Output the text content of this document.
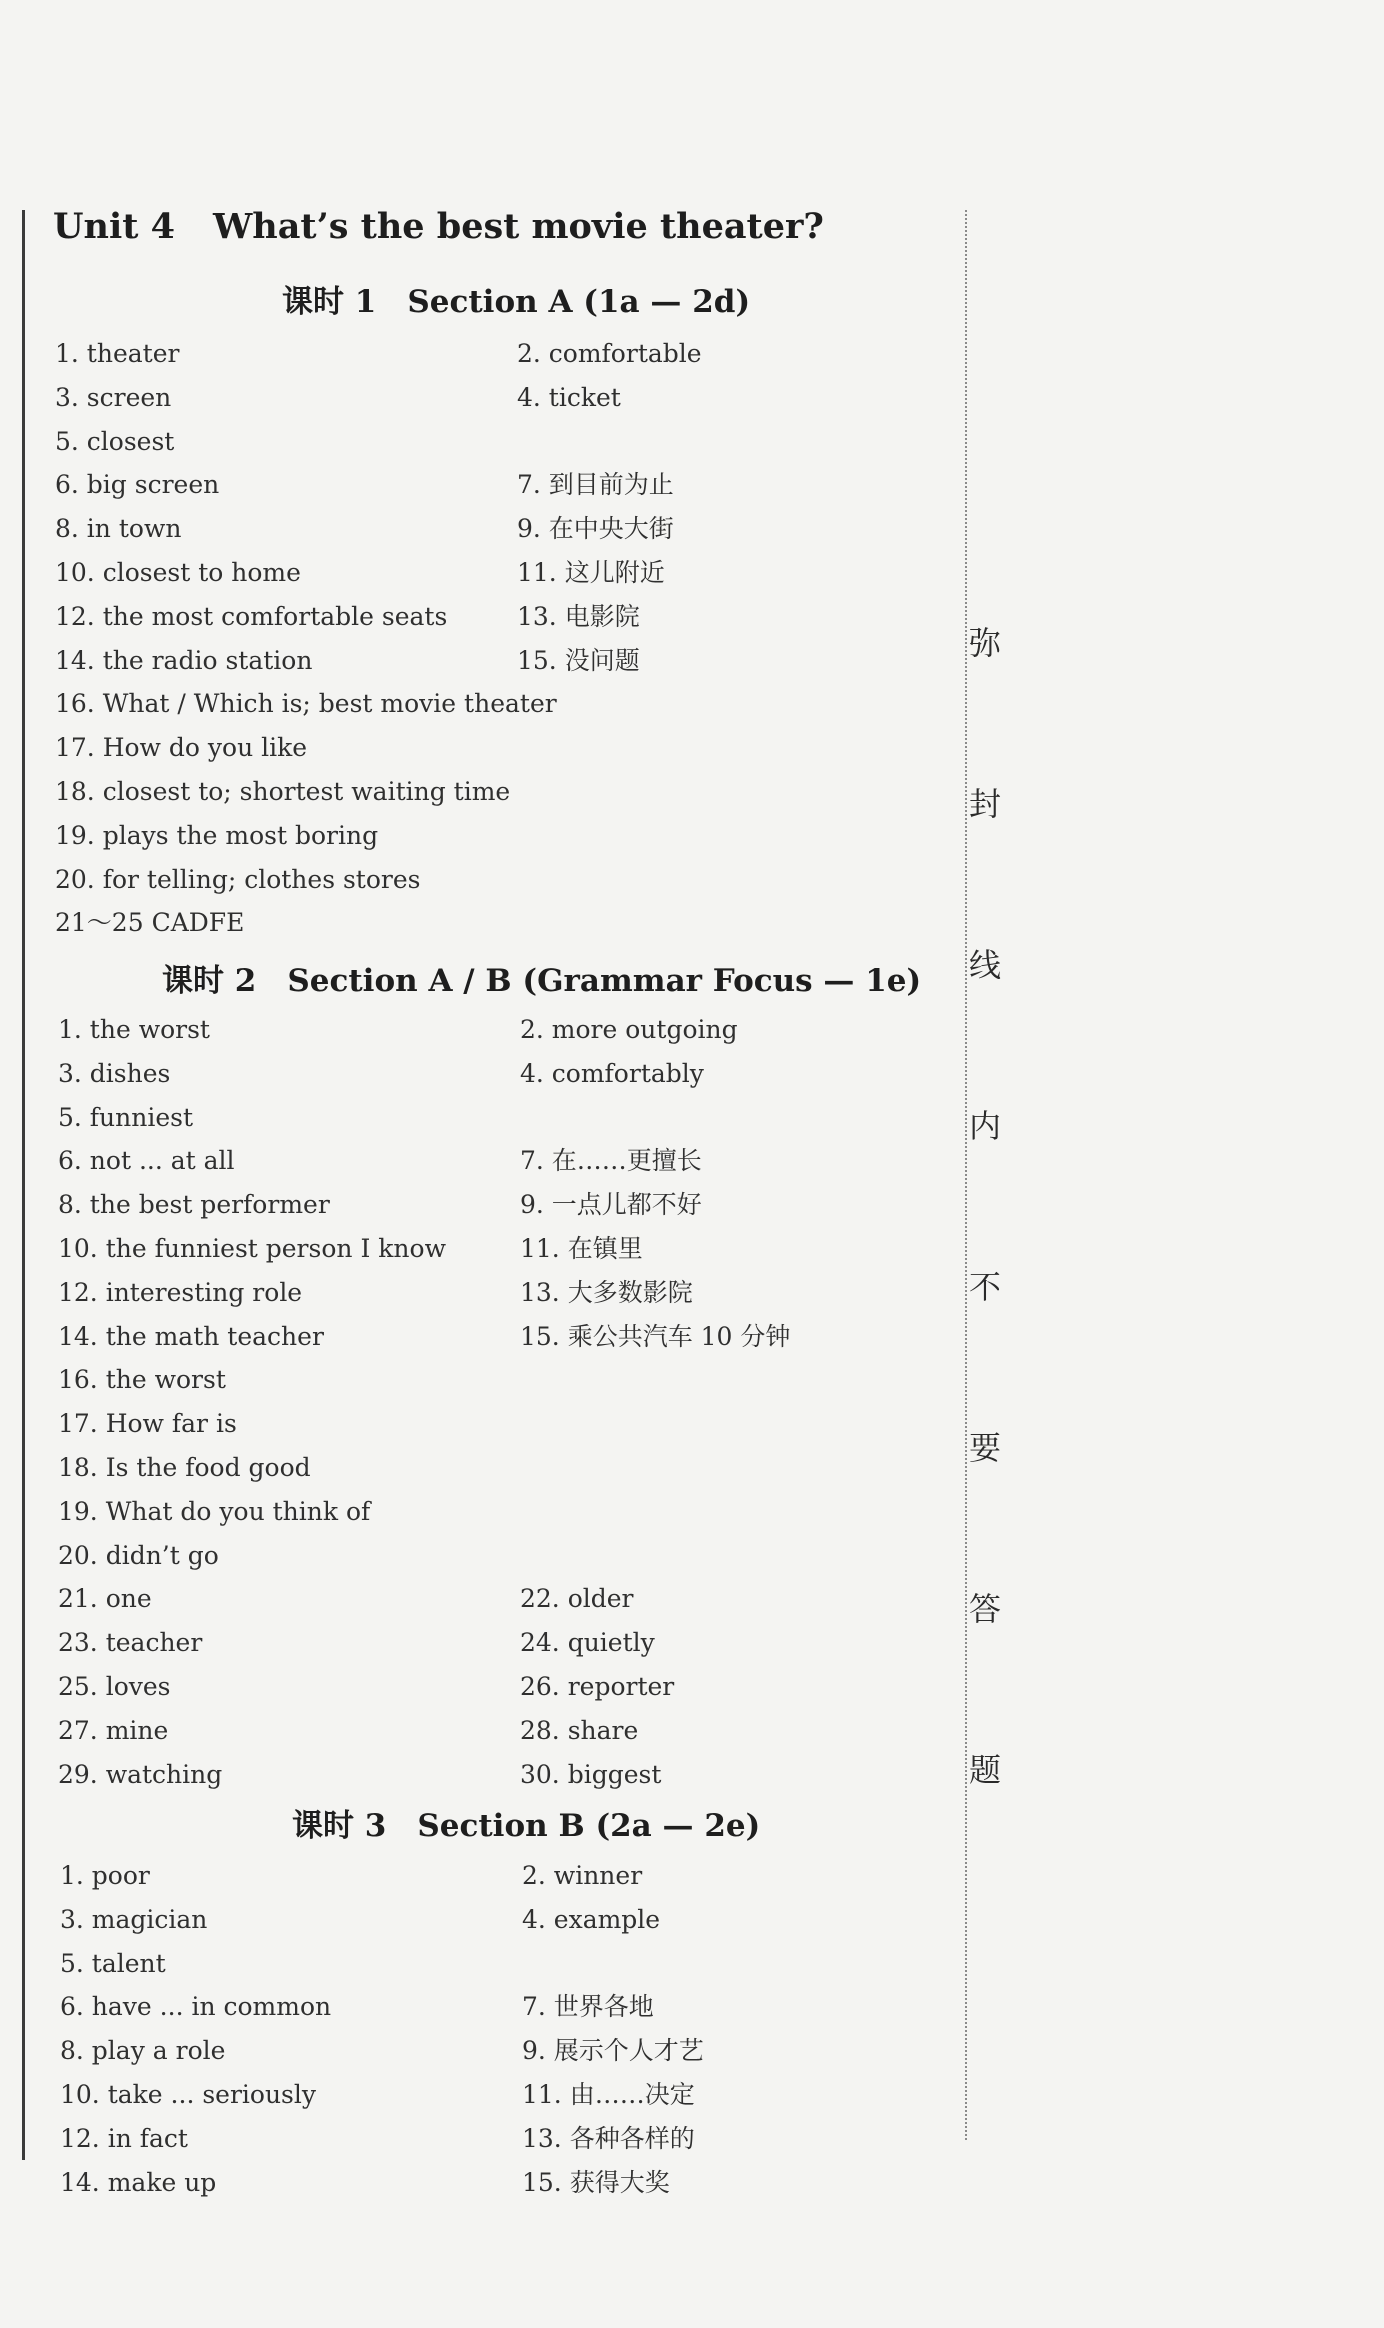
Unit 4 What’s the best movie theater?
课时 1　Section A (1a — 2d)
1. theater	2. comfortable
3. screen	4. ticket
5. closest
6. big screen	7. 到目前为止
8. in town	9. 在中央大街
10. closest to home	11. 这儿附近
12. the most comfortable seats	13. 电影院
14. the radio station	15. 没问题
16. What / Which is; best movie theater
17. How do you like
18. closest to; shortest waiting time
19. plays the most boring
20. for telling; clothes stores
21～25 CADFE
课时 2　Section A / B (Grammar Focus — 1e)
1. the worst	2. more outgoing
3. dishes	4. comfortably
5. funniest
6. not ... at all	7. 在……更擅长
8. the best performer	9. 一点儿都不好
10. the funniest person I know	11. 在镇里
12. interesting role	13. 大多数影院
14. the math teacher	15. 乘公共汽车 10 分钟
16. the worst
17. How far is
18. Is the food good
19. What do you think of
20. didn’t go
21. one	22. older
23. teacher	24. quietly
25. loves	26. reporter
27. mine	28. share
29. watching	30. biggest
课时 3　Section B (2a — 2e)
1. poor	2. winner
3. magician	4. example
5. talent
6. have ... in common	7. 世界各地
8. play a role	9. 展示个人才艺
10. take ... seriously	11. 由……决定
12. in fact	13. 各种各样的
14. make up	15. 获得大奖
弥
封
线
内
不
要
答
题
